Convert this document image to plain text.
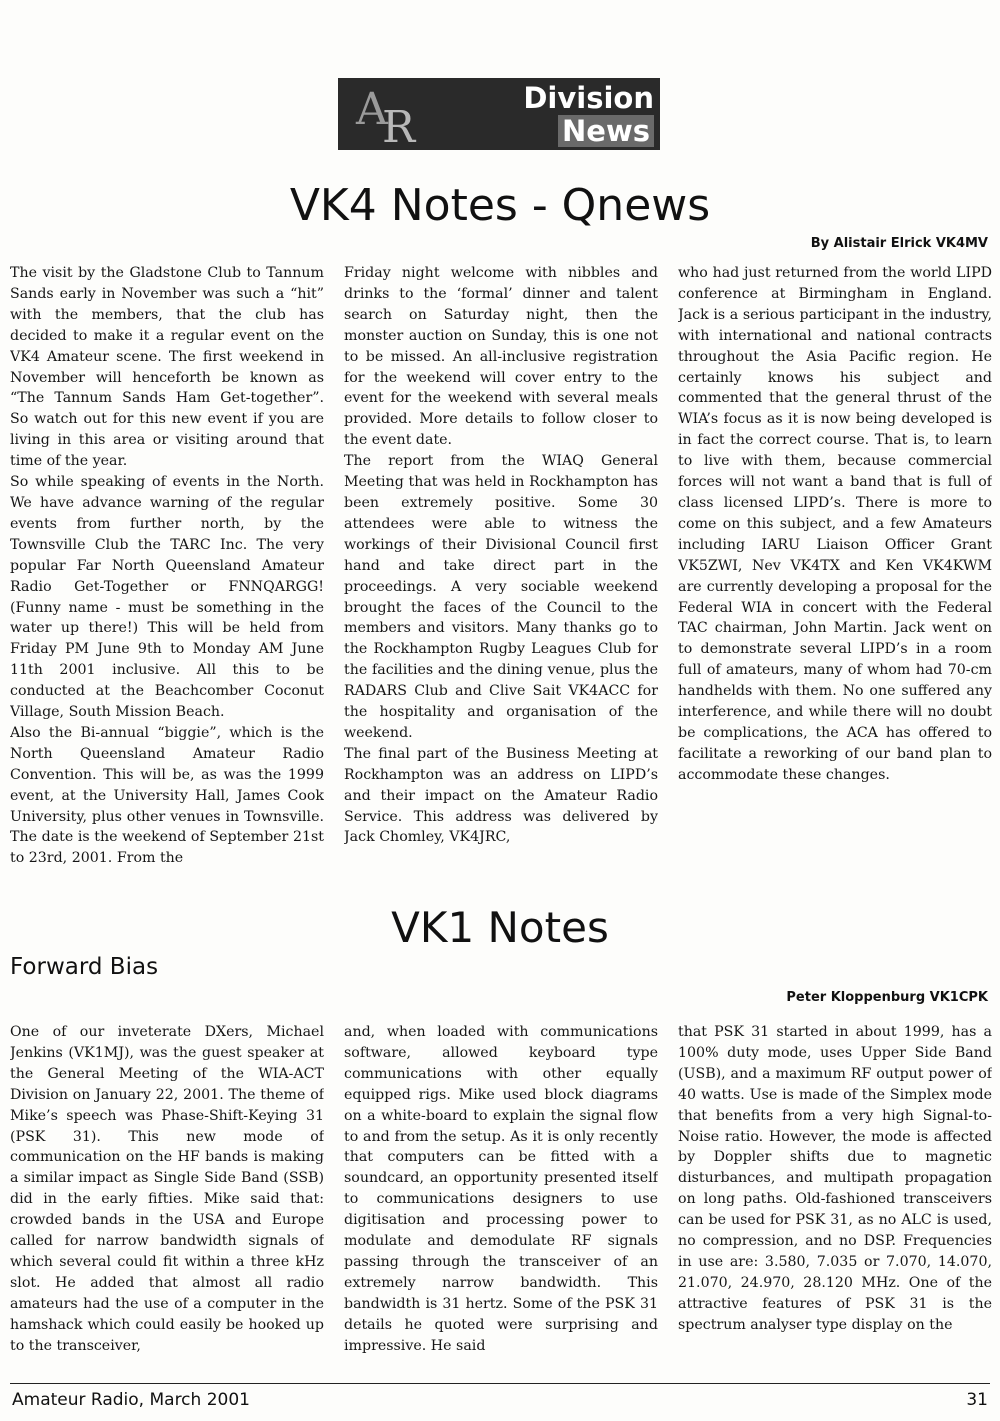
A
R
Division
News
VK4 Notes - Qnews
By Alistair Elrick VK4MV

The visit by the Gladstone Club to Tannum Sands early in November was such a “hit” with the members, that the club has decided to make it a regular event on the VK4 Amateur scene. The first weekend in November will henceforth be known as “The Tannum Sands Ham Get-together”. So watch out for this new event if you are living in this area or visiting around that time of the year.

So while speaking of events in the North. We have advance warning of the regular events from further north, by the Townsville Club the TARC Inc. The very popular Far North Queensland Amateur Radio Get-Together or FNNQARGG! (Funny name - must be something in the water up there!) This will be held from Friday PM June 9th to Monday AM June 11th 2001 inclusive. All this to be conducted at the Beachcomber Coconut Village, South Mission Beach.

Also the Bi-annual “biggie”, which is the North Queensland Amateur Radio Convention. This will be, as was the 1999 event, at the University Hall, James Cook University, plus other venues in Townsville. The date is the weekend of September 21st to 23rd, 2001. From the

Friday night welcome with nibbles and drinks to the ‘formal’ dinner and talent search on Saturday night, then the monster auction on Sunday, this is one not to be missed. An all-inclusive registration for the weekend will cover entry to the event for the weekend with several meals provided. More details to follow closer to the event date.

The report from the WIAQ General Meeting that was held in Rockhampton has been extremely positive. Some 30 attendees were able to witness the workings of their Divisional Council first hand and take direct part in the proceedings. A very sociable weekend brought the faces of the Council to the members and visitors. Many thanks go to the Rockhampton Rugby Leagues Club for the facilities and the dining venue, plus the RADARS Club and Clive Sait VK4ACC for the hospitality and organisation of the weekend.

The final part of the Business Meeting at Rockhampton was an address on LIPD’s and their impact on the Amateur Radio Service. This address was delivered by Jack Chomley, VK4JRC,

who had just returned from the world LIPD conference at Birmingham in England. Jack is a serious participant in the industry, with international and national contracts throughout the Asia Pacific region. He certainly knows his subject and commented that the general thrust of the WIA’s focus as it is now being developed is in fact the correct course. That is, to learn to live with them, because commercial forces will not want a band that is full of class licensed LIPD’s. There is more to come on this subject, and a few Amateurs including IARU Liaison Officer Grant VK5ZWI, Nev VK4TX and Ken VK4KWM are currently developing a proposal for the Federal WIA in concert with the Federal TAC chairman, John Martin. Jack went on to demonstrate several LIPD’s in a room full of amateurs, many of whom had 70-cm handhelds with them. No one suffered any interference, and while there will no doubt be complications, the ACA has offered to facilitate a reworking of our band plan to accommodate these changes.

VK1 Notes
Forward Bias
Peter Kloppenburg VK1CPK

One of our inveterate DXers, Michael Jenkins (VK1MJ), was the guest speaker at the General Meeting of the WIA-ACT Division on January 22, 2001. The theme of Mike’s speech was Phase-Shift-Keying 31 (PSK 31). This new mode of communication on the HF bands is making a similar impact as Single Side Band (SSB) did in the early fifties. Mike said that: crowded bands in the USA and Europe called for narrow bandwidth signals of which several could fit within a three kHz slot. He added that almost all radio amateurs had the use of a computer in the hamshack which could easily be hooked up to the transceiver,

and, when loaded with communications software, allowed keyboard type communications with other equally equipped rigs. Mike used block diagrams on a white-board to explain the signal flow to and from the setup. As it is only recently that computers can be fitted with a soundcard, an opportunity presented itself to communications designers to use digitisation and processing power to modulate and demodulate RF signals passing through the transceiver of an extremely narrow bandwidth. This bandwidth is 31 hertz. Some of the PSK 31 details he quoted were surprising and impressive. He said

that PSK 31 started in about 1999, has a 100% duty mode, uses Upper Side Band (USB), and a maximum RF output power of 40 watts. Use is made of the Simplex mode that benefits from a very high Signal-to-Noise ratio. However, the mode is affected by Doppler shifts due to magnetic disturbances, and multipath propagation on long paths. Old-fashioned transceivers can be used for PSK 31, as no ALC is used, no compression, and no DSP. Frequencies in use are: 3.580, 7.035 or 7.070, 14.070, 21.070, 24.970, 28.120 MHz. One of the attractive features of PSK 31 is the spectrum analyser type display on the

Amateur Radio, March 2001	31
